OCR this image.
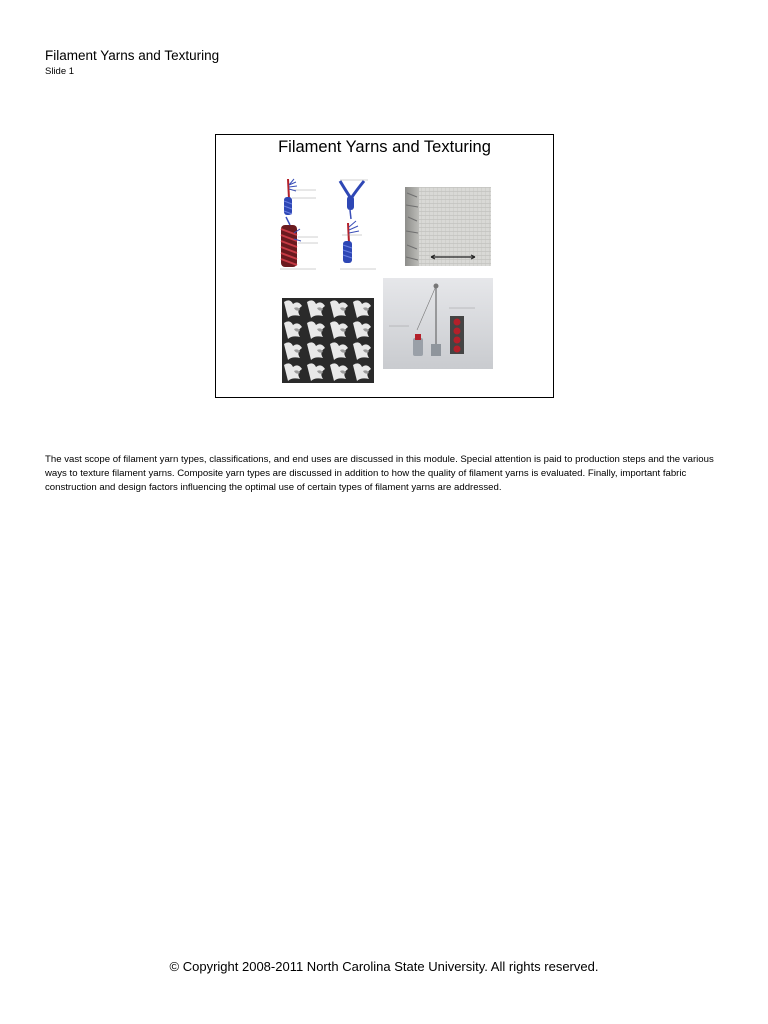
Filament Yarns and Texturing
Slide 1
Filament Yarns and Texturing
The vast scope of filament yarn types, classifications, and end uses are discussed in this module. Special attention is paid to production steps and the various ways to texture filament yarns. Composite yarn types are discussed in addition to how the quality of filament yarns is evaluated. Finally, important fabric construction and design factors influencing the optimal use of certain types of filament yarns are addressed.
© Copyright 2008-2011 North Carolina State University. All rights reserved.
